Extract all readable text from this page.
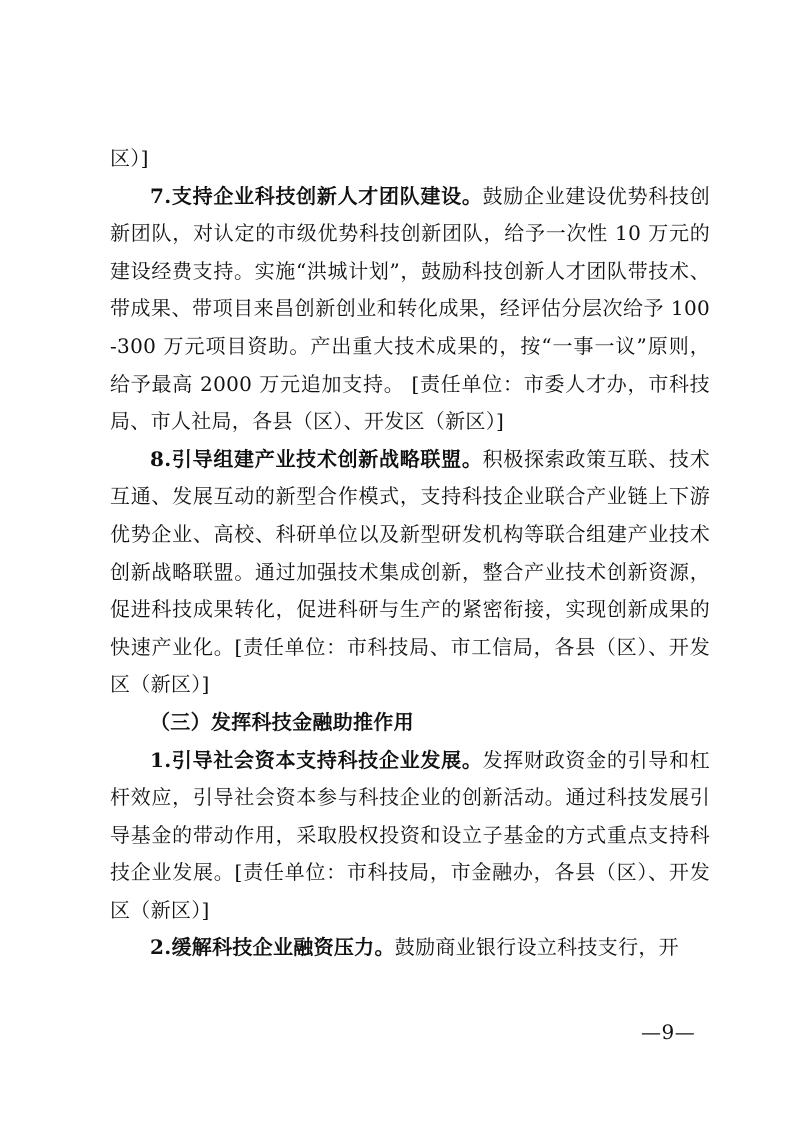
区）]

7.支持企业科技创新人才团队建设。鼓励企业建设优势科技创新团队，对认定的市级优势科技创新团队，给予一次性 10 万元的建设经费支持。实施“洪城计划”，鼓励科技创新人才团队带技术、带成果、带项目来昌创新创业和转化成果，经评估分层次给予 100-300 万元项目资助。产出重大技术成果的，按“一事一议”原则，给予最高 2000 万元追加支持。 [责任单位：市委人才办，市科技局、市人社局，各县（区）、开发区（新区）]

8.引导组建产业技术创新战略联盟。积极探索政策互联、技术互通、发展互动的新型合作模式，支持科技企业联合产业链上下游优势企业、高校、科研单位以及新型研发机构等联合组建产业技术创新战略联盟。通过加强技术集成创新，整合产业技术创新资源，促进科技成果转化，促进科研与生产的紧密衔接，实现创新成果的快速产业化。[责任单位：市科技局、市工信局，各县（区）、开发区（新区）]

（三）发挥科技金融助推作用

1.引导社会资本支持科技企业发展。发挥财政资金的引导和杠杆效应，引导社会资本参与科技企业的创新活动。通过科技发展引导基金的带动作用，采取股权投资和设立子基金的方式重点支持科技企业发展。[责任单位：市科技局，市金融办，各县（区）、开发区（新区）]

2.缓解科技企业融资压力。鼓励商业银行设立科技支行，开

—9—
